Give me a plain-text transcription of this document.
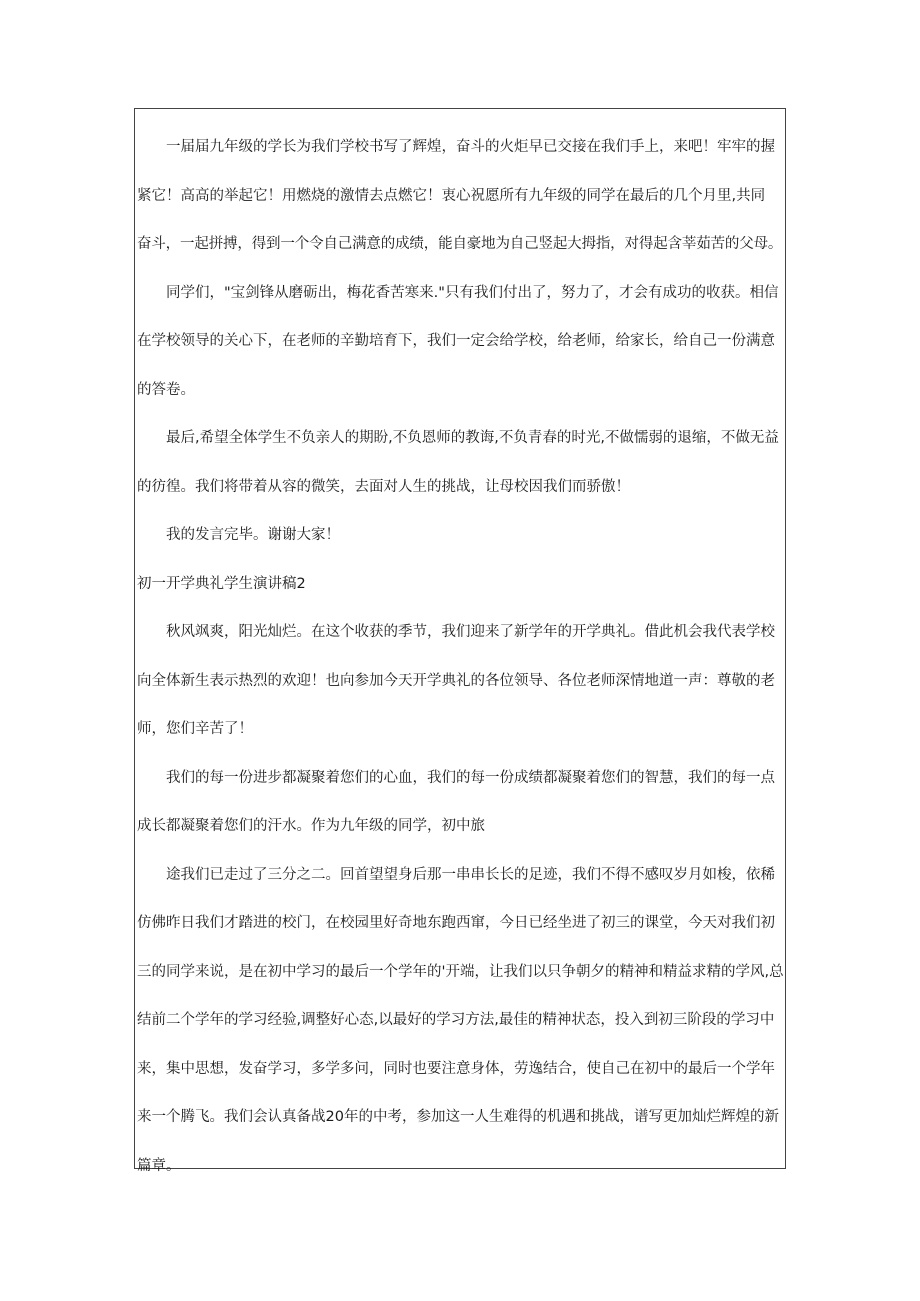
一届届九年级的学长为我们学校书写了辉煌，奋斗的火炬早已交接在我们手上，来吧！牢牢的握

紧它！高高的举起它！用燃烧的激情去点燃它！衷心祝愿所有九年级的同学在最后的几个月里,共同

奋斗，一起拼搏，得到一个令自己满意的成绩，能自豪地为自己竖起大拇指，对得起含莘茹苦的父母。

同学们，"宝剑锋从磨砺出，梅花香苦寒来."只有我们付出了，努力了，才会有成功的收获。相信

在学校领导的关心下，在老师的辛勤培育下，我们一定会给学校，给老师，给家长，给自己一份满意

的答卷。

最后,希望全体学生不负亲人的期盼,不负恩师的教诲,不负青春的时光,不做懦弱的退缩，不做无益

的彷徨。我们将带着从容的微笑，去面对人生的挑战，让母校因我们而骄傲！

我的发言完毕。谢谢大家！

初一开学典礼学生演讲稿2

秋风飒爽，阳光灿烂。在这个收获的季节，我们迎来了新学年的开学典礼。借此机会我代表学校

向全体新生表示热烈的欢迎！也向参加今天开学典礼的各位领导、各位老师深情地道一声：尊敬的老

师，您们辛苦了！

我们的每一份进步都凝聚着您们的心血，我们的每一份成绩都凝聚着您们的智慧，我们的每一点

成长都凝聚着您们的汗水。作为九年级的同学，初中旅

途我们已走过了三分之二。回首望望身后那一串串长长的足迹，我们不得不感叹岁月如梭，依稀

仿佛昨日我们才踏进的校门，在校园里好奇地东跑西窜，今日已经坐进了初三的课堂，今天对我们初

三的同学来说，是在初中学习的最后一个学年的'开端，让我们以只争朝夕的精神和精益求精的学风,总

结前二个学年的学习经验,调整好心态,以最好的学习方法,最佳的精神状态，投入到初三阶段的学习中

来，集中思想，发奋学习，多学多问，同时也要注意身体，劳逸结合，使自己在初中的最后一个学年

来一个腾飞。我们会认真备战20年的中考，参加这一人生难得的机遇和挑战，谱写更加灿烂辉煌的新

篇章。
